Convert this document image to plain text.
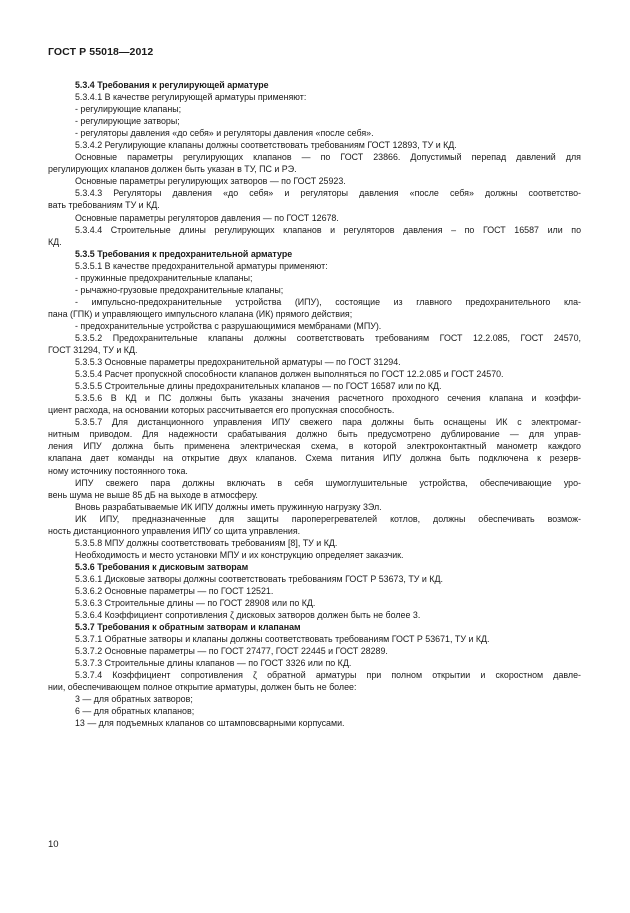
ГОСТ Р 55018—2012
5.3.4 Требования к регулирующей арматуре
5.3.4.1 В качестве регулирующей арматуры применяют:
- регулирующие клапаны;
- регулирующие затворы;
- регуляторы давления «до себя» и регуляторы давления «после себя».
5.3.4.2 Регулирующие клапаны должны соответствовать требованиям ГОСТ 12893, ТУ и КД.
Основные параметры регулирующих клапанов — по ГОСТ 23866. Допустимый перепад давлений для
регулирующих клапанов должен быть указан в ТУ, ПС и РЭ.
Основные параметры регулирующих затворов — по ГОСТ 25923.
5.3.4.3 Регуляторы давления «до себя» и регуляторы давления «после себя» должны соответство-
вать требованиям ТУ и КД.
Основные параметры регуляторов давления — по ГОСТ 12678.
5.3.4.4 Строительные длины регулирующих клапанов и регуляторов давления – по ГОСТ 16587 или по
КД.
5.3.5 Требования к предохранительной арматуре
5.3.5.1 В качестве предохранительной арматуры применяют:
- пружинные предохранительные клапаны;
- рычажно-грузовые предохранительные клапаны;
- импульсно-предохранительные устройства (ИПУ), состоящие из главного предохранительного кла-
пана (ГПК) и управляющего импульсного клапана (ИК) прямого действия;
- предохранительные устройства с разрушающимися мембранами (МПУ).
5.3.5.2 Предохранительные клапаны должны соответствовать требованиям ГОСТ 12.2.085, ГОСТ 24570,
ГОСТ 31294, ТУ и КД.
5.3.5.3 Основные параметры предохранительной арматуры — по ГОСТ 31294.
5.3.5.4 Расчет пропускной способности клапанов должен выполняться по ГОСТ 12.2.085 и ГОСТ 24570.
5.3.5.5 Строительные длины предохранительных клапанов — по ГОСТ 16587 или по КД.
5.3.5.6 В КД и ПС должны быть указаны значения расчетного проходного сечения клапана и коэффи-
циент расхода, на основании которых рассчитывается его пропускная способность.
5.3.5.7 Для дистанционного управления ИПУ свежего пара должны быть оснащены ИК с электромаг-
нитным приводом. Для надежности срабатывания должно быть предусмотрено дублирование — для управ-
ления ИПУ должна быть применена электрическая схема, в которой электроконтактный манометр каждого
клапана дает команды на открытие двух клапанов. Схема питания ИПУ должна быть подключена к резерв-
ному источнику постоянного тока.
ИПУ свежего пара должны включать в себя шумоглушительные устройства, обеспечивающие уро-
вень шума не выше 85 дБ на выходе в атмосферу.
Вновь разрабатываемые ИК ИПУ должны иметь пружинную нагрузку 3Эл.
ИК ИПУ, предназначенные для защиты пароперегревателей котлов, должны обеспечивать возмож-
ность дистанционного управления ИПУ со щита управления.
5.3.5.8 МПУ должны соответствовать требованиям [8], ТУ и КД.
Необходимость и место установки МПУ и их конструкцию определяет заказчик.
5.3.6 Требования к дисковым затворам
5.3.6.1 Дисковые затворы должны соответствовать требованиям ГОСТ Р 53673, ТУ и КД.
5.3.6.2 Основные параметры — по ГОСТ 12521.
5.3.6.3 Строительные длины — по ГОСТ 28908 или по КД.
5.3.6.4 Коэффициент сопротивления ζ дисковых затворов должен быть не более 3.
5.3.7 Требования к обратным затворам и клапанам
5.3.7.1 Обратные затворы и клапаны должны соответствовать требованиям ГОСТ Р 53671, ТУ и КД.
5.3.7.2 Основные параметры — по ГОСТ 27477, ГОСТ 22445 и ГОСТ 28289.
5.3.7.3 Строительные длины клапанов — по ГОСТ 3326 или по КД.
5.3.7.4 Коэффициент сопротивления ζ обратной арматуры при полном открытии и скоростном давле-
нии, обеспечивающем полное открытие арматуры, должен быть не более:
3 — для обратных затворов;
6 — для обратных клапанов;
13 — для подъемных клапанов со штамповсварными корпусами.
10
